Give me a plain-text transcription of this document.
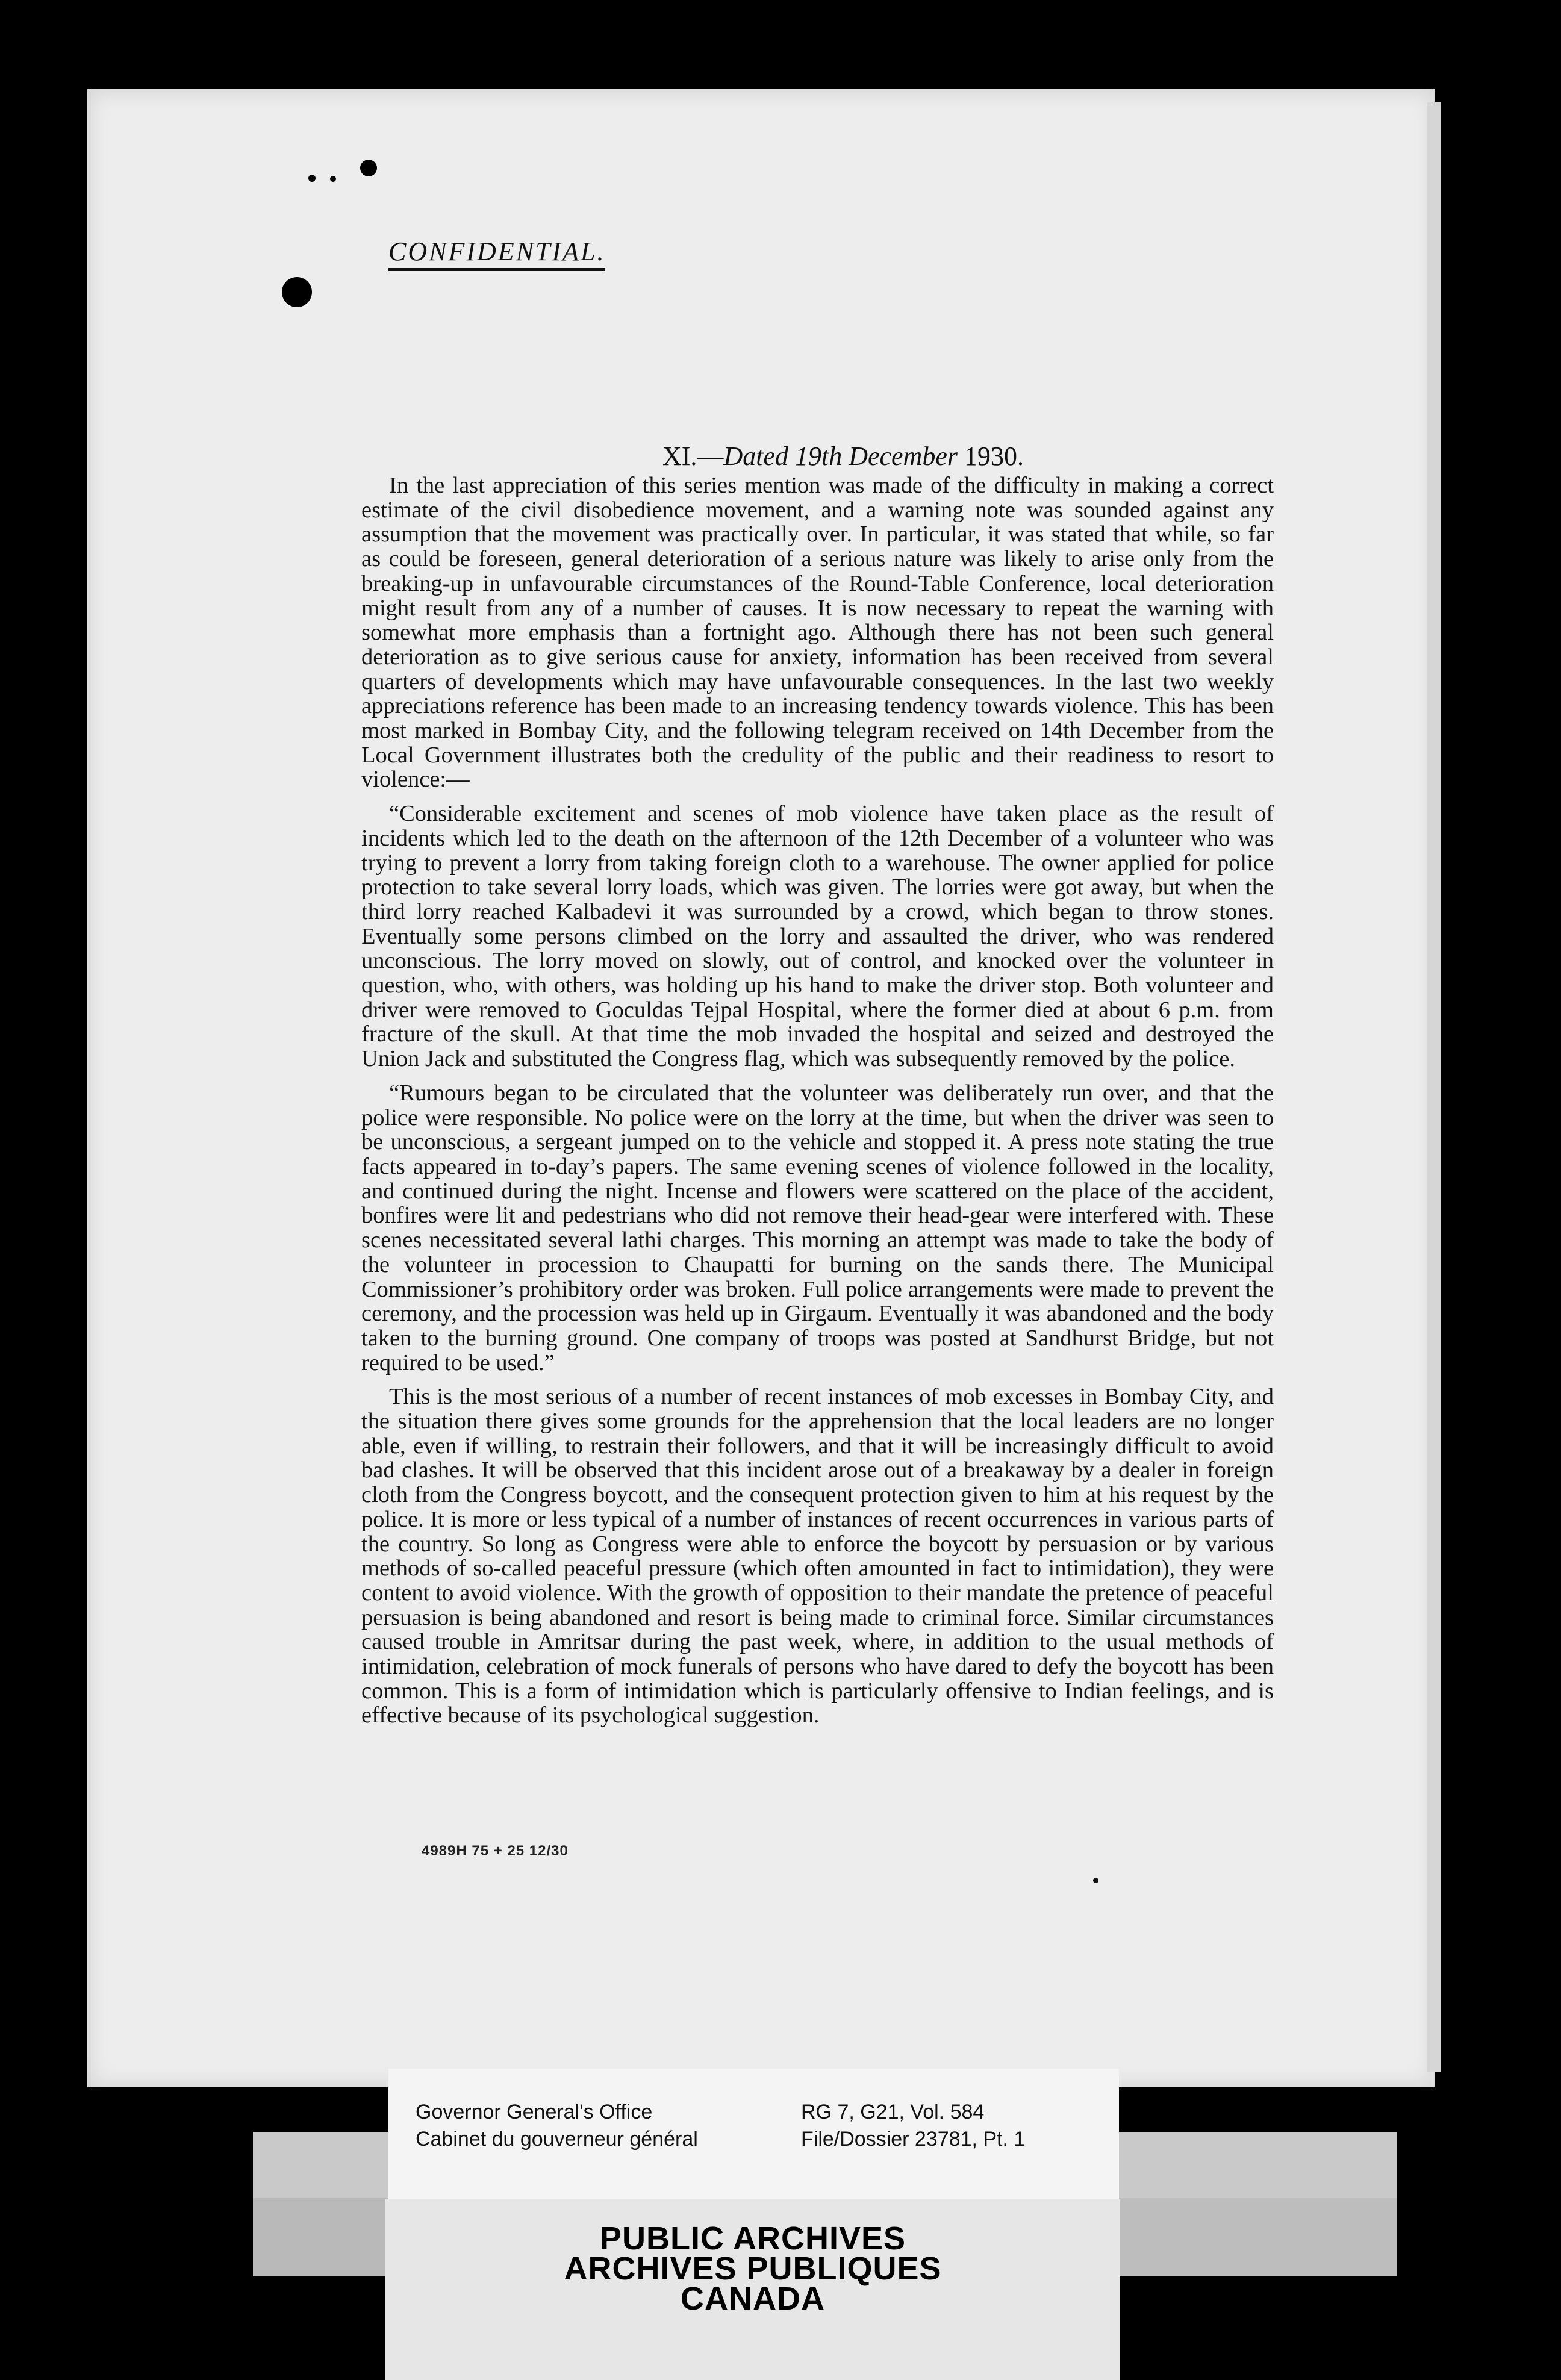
CONFIDENTIAL.
XI.—Dated 19th December 1930.

In the last appreciation of this series mention was made of the difficulty in making a correct estimate of the civil disobedience movement, and a warning note was sounded against any assumption that the movement was practically over. In particular, it was stated that while, so far as could be foreseen, general deterioration of a serious nature was likely to arise only from the breaking-up in unfavourable circumstances of the Round-Table Conference, local deterioration might result from any of a number of causes. It is now necessary to repeat the warning with somewhat more emphasis than a fortnight ago. Although there has not been such general deterioration as to give serious cause for anxiety, information has been received from several quarters of developments which may have unfavourable consequences. In the last two weekly appreciations reference has been made to an increasing tendency towards violence. This has been most marked in Bombay City, and the following telegram received on 14th December from the Local Government illustrates both the credulity of the public and their readiness to resort to violence:—

“Considerable excitement and scenes of mob violence have taken place as the result of incidents which led to the death on the afternoon of the 12th December of a volunteer who was trying to prevent a lorry from taking foreign cloth to a warehouse. The owner applied for police protection to take several lorry loads, which was given. The lorries were got away, but when the third lorry reached Kalbadevi it was surrounded by a crowd, which began to throw stones. Eventually some persons climbed on the lorry and assaulted the driver, who was rendered unconscious. The lorry moved on slowly, out of control, and knocked over the volunteer in question, who, with others, was holding up his hand to make the driver stop. Both volunteer and driver were removed to Goculdas Tejpal Hospital, where the former died at about 6 p.m. from fracture of the skull. At that time the mob invaded the hospital and seized and destroyed the Union Jack and substituted the Congress flag, which was subsequently removed by the police.

“Rumours began to be circulated that the volunteer was deliberately run over, and that the police were responsible. No police were on the lorry at the time, but when the driver was seen to be unconscious, a sergeant jumped on to the vehicle and stopped it. A press note stating the true facts appeared in to-day’s papers. The same evening scenes of violence followed in the locality, and continued during the night. Incense and flowers were scattered on the place of the accident, bonfires were lit and pedestrians who did not remove their head-gear were interfered with. These scenes necessitated several lathi charges. This morning an attempt was made to take the body of the volunteer in procession to Chaupatti for burning on the sands there. The Municipal Commissioner’s prohibitory order was broken. Full police arrangements were made to prevent the ceremony, and the procession was held up in Girgaum. Eventually it was abandoned and the body taken to the burning ground. One company of troops was posted at Sandhurst Bridge, but not required to be used.”

This is the most serious of a number of recent instances of mob excesses in Bombay City, and the situation there gives some grounds for the apprehension that the local leaders are no longer able, even if willing, to restrain their followers, and that it will be increasingly difficult to avoid bad clashes. It will be observed that this incident arose out of a breakaway by a dealer in foreign cloth from the Congress boycott, and the consequent protection given to him at his request by the police. It is more or less typical of a number of instances of recent occurrences in various parts of the country. So long as Congress were able to enforce the boycott by persuasion or by various methods of so-called peaceful pressure (which often amounted in fact to intimidation), they were content to avoid violence. With the growth of opposition to their mandate the pretence of peaceful persuasion is being abandoned and resort is being made to criminal force. Similar circumstances caused trouble in Amritsar during the past week, where, in addition to the usual methods of intimidation, celebration of mock funerals of persons who have dared to defy the boycott has been common. This is a form of intimidation which is particularly offensive to Indian feelings, and is effective because of its psychological suggestion.

4989H 75 + 25 12/30
Governor General's Office
Cabinet du gouverneur général
RG 7, G21, Vol. 584
File/Dossier 23781, Pt. 1
PUBLIC ARCHIVES
ARCHIVES PUBLIQUES
CANADA
